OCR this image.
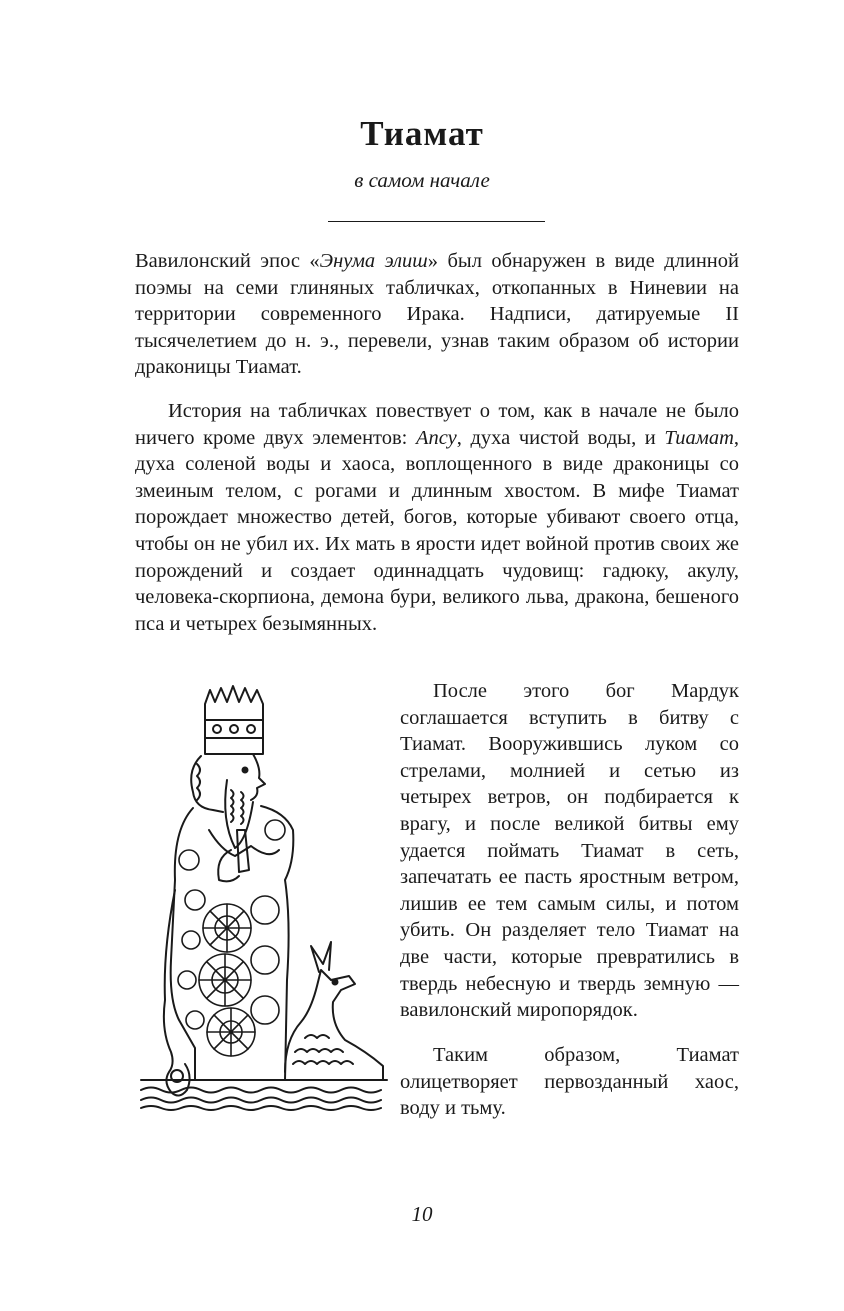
Тиамат

в самом начале

Вавилонский эпос «Энума элиш» был обнаружен в виде длинной поэмы на семи глиняных табличках, откопанных в Ниневии на территории современного Ирака. Надписи, датируемые II тысячелетием до н. э., перевели, узнав таким образом об истории драконицы Тиамат.

История на табличках повествует о том, как в начале не было ничего кроме двух элементов: Апсу, духа чистой воды, и Тиамат, духа соленой воды и хаоса, воплощенного в виде драконицы со змеиным телом, с рогами и длинным хвостом. В мифе Тиамат порождает множество детей, богов, которые убивают своего отца, чтобы он не убил их. Их мать в ярости идет войной против своих же порождений и создает одиннадцать чудовищ: гадюку, акулу, человека-скорпиона, демона бури, великого льва, дракона, бешеного пса и четырех безымянных.

После этого бог Мардук соглашается вступить в битву с Тиамат. Вооружившись луком со стрелами, молнией и сетью из четырех ветров, он подбирается к врагу, и после великой битвы ему удается поймать Тиамат в сеть, запечатать ее пасть яростным ветром, лишив ее тем самым силы, и потом убить. Он разделяет тело Тиамат на две части, которые превратились в твердь небесную и твердь земную — вавилонский миропорядок.

Таким образом, Тиамат олицетворяет первозданный хаос, воду и тьму.

10
